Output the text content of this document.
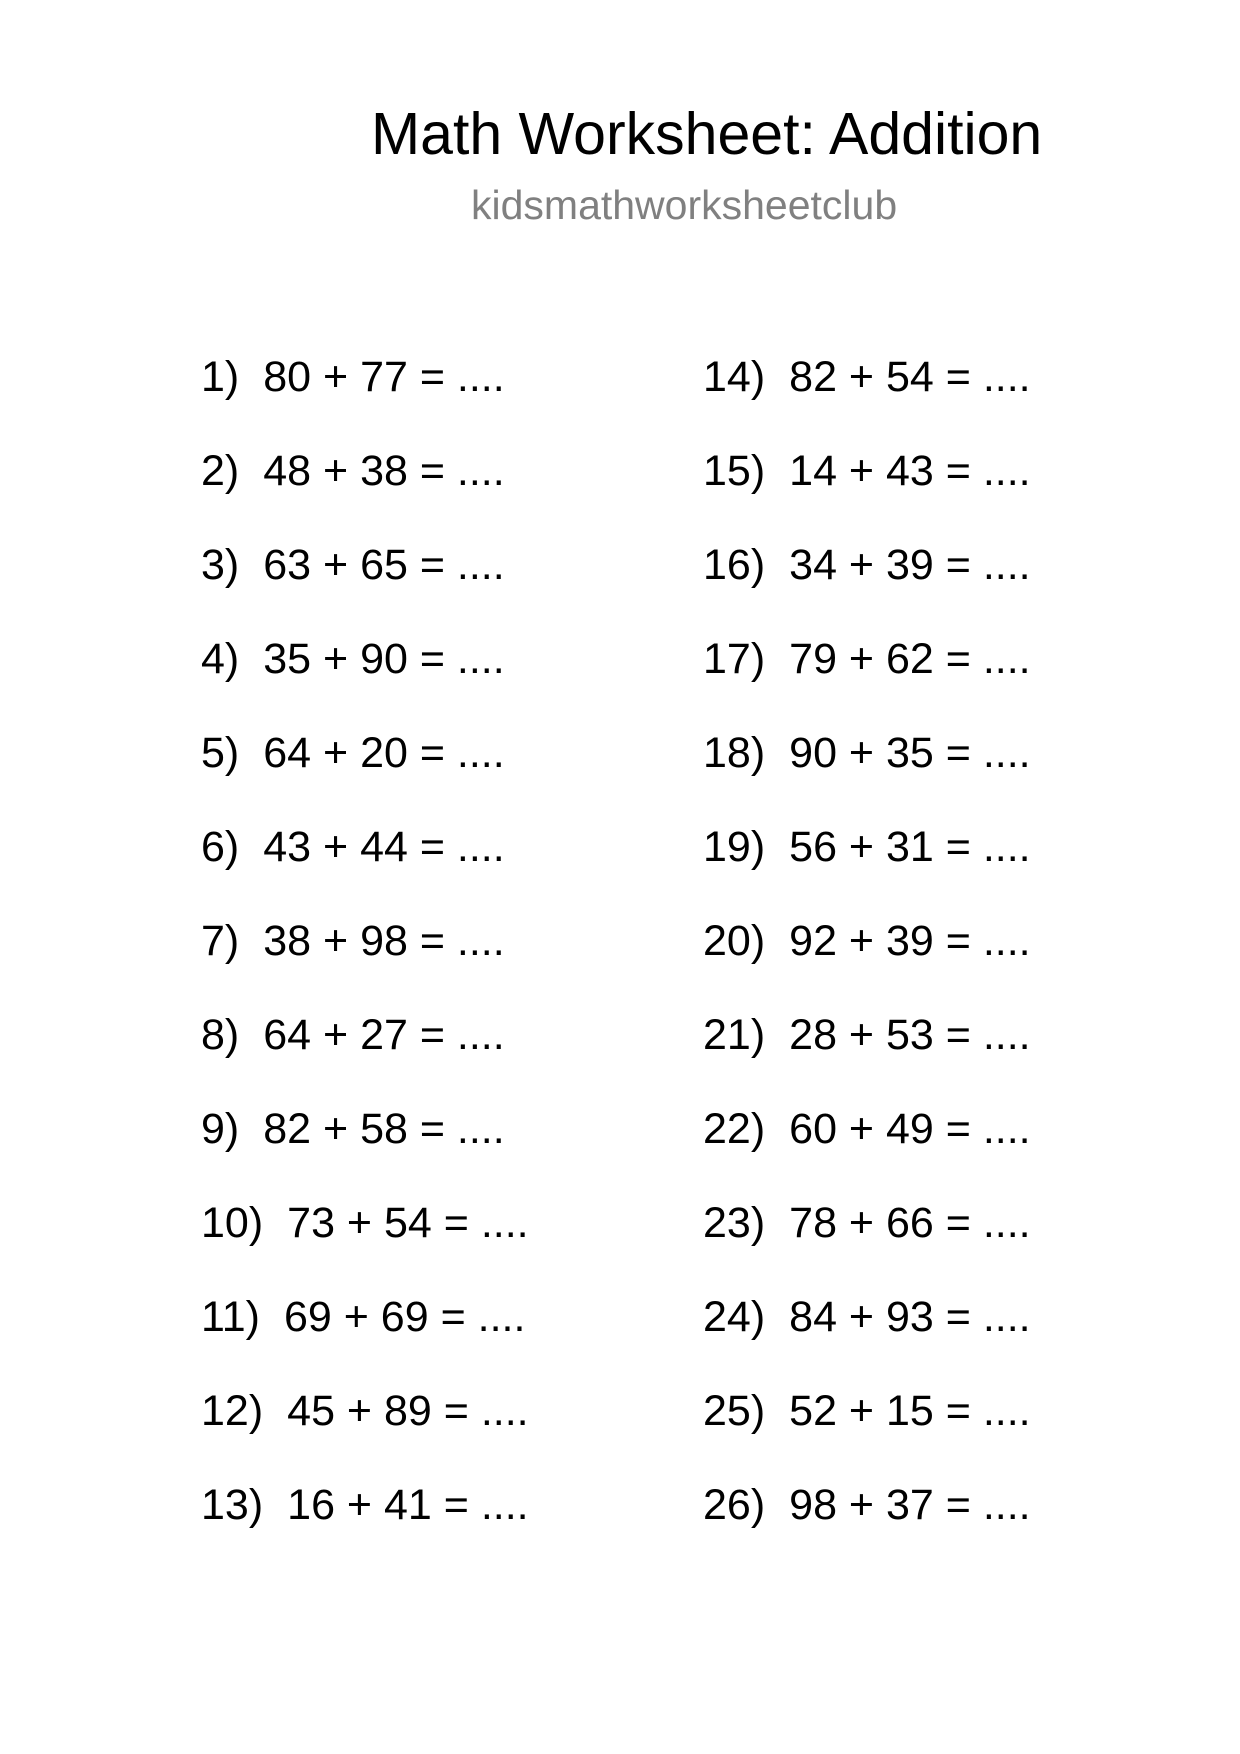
Math Worksheet: Addition
kidsmathworksheetclub
1) 80 + 77 = ....
2) 48 + 38 = ....
3) 63 + 65 = ....
4) 35 + 90 = ....
5) 64 + 20 = ....
6) 43 + 44 = ....
7) 38 + 98 = ....
8) 64 + 27 = ....
9) 82 + 58 = ....
10) 73 + 54 = ....
11) 69 + 69 = ....
12) 45 + 89 = ....
13) 16 + 41 = ....
14) 82 + 54 = ....
15) 14 + 43 = ....
16) 34 + 39 = ....
17) 79 + 62 = ....
18) 90 + 35 = ....
19) 56 + 31 = ....
20) 92 + 39 = ....
21) 28 + 53 = ....
22) 60 + 49 = ....
23) 78 + 66 = ....
24) 84 + 93 = ....
25) 52 + 15 = ....
26) 98 + 37 = ....
